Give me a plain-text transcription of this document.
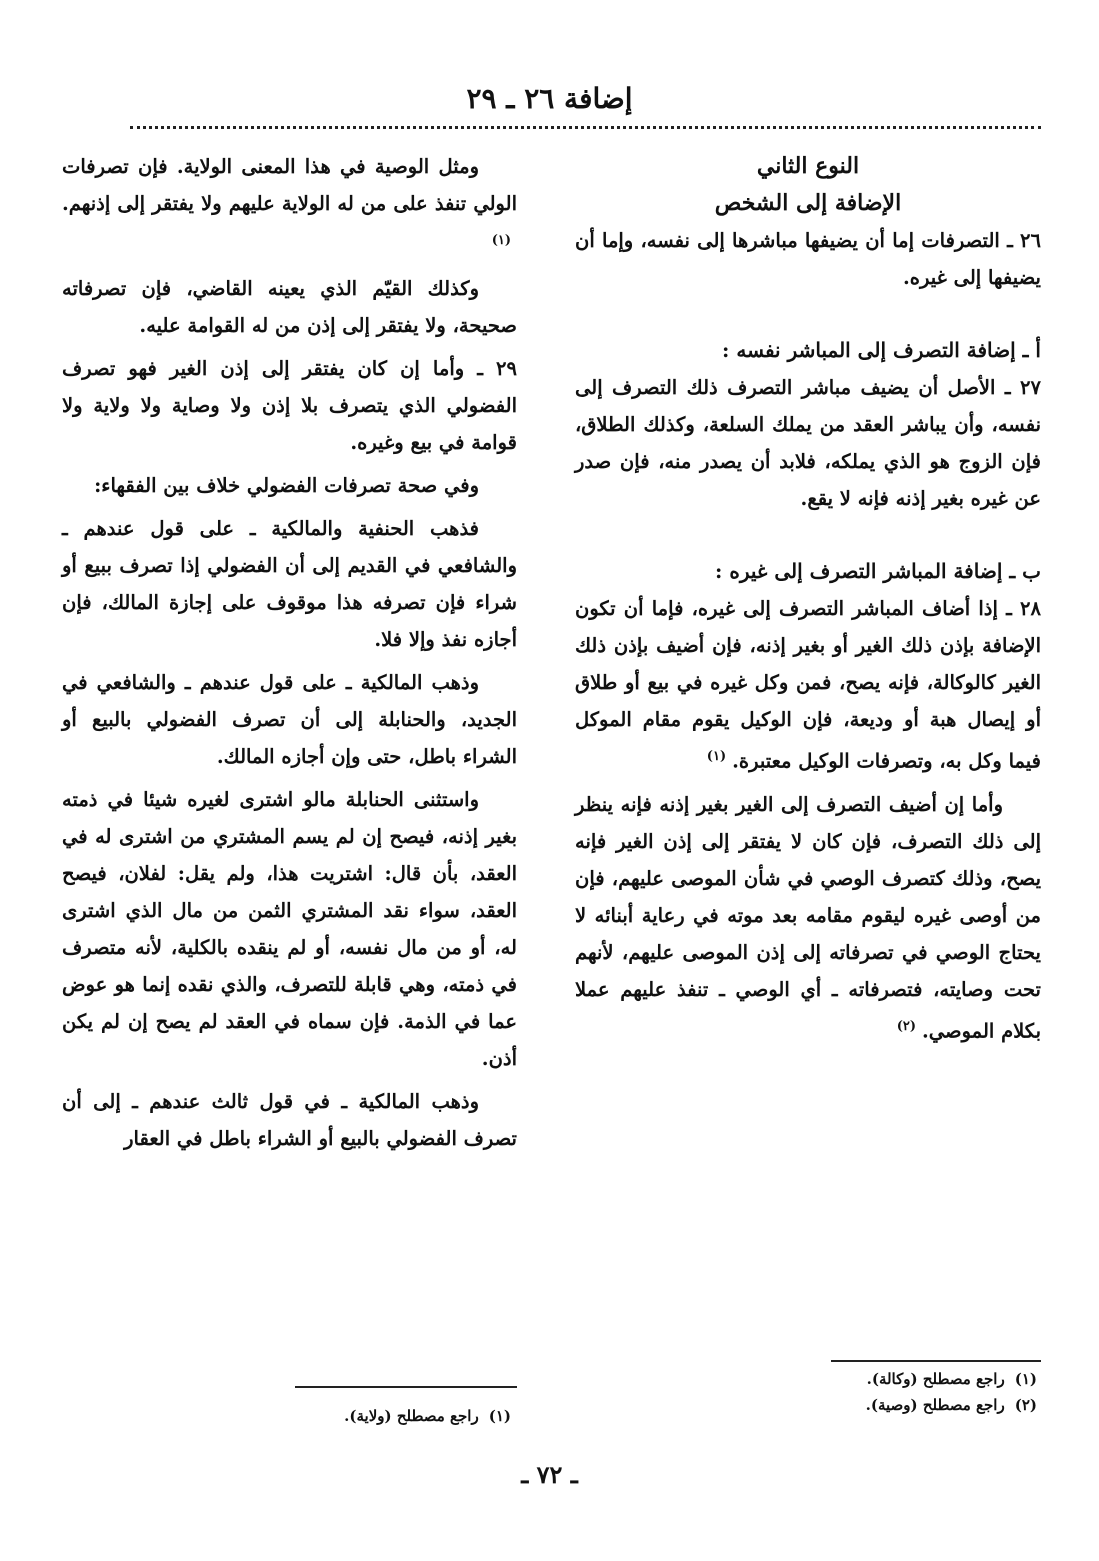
إضافة ٢٦ ـ ٢٩

النوع الثاني

الإضافة إلى الشخص

٢٦ ـ التصرفات إما أن يضيفها مباشرها إلى نفسه، وإما أن يضيفها إلى غيره.

أ ـ إضافة التصرف إلى المباشر نفسه :

٢٧ ـ الأصل أن يضيف مباشر التصرف ذلك التصرف إلى نفسه، وأن يباشر العقد من يملك السلعة، وكذلك الطلاق، فإن الزوج هو الذي يملكه، فلابد أن يصدر منه، فإن صدر عن غيره بغير إذنه فإنه لا يقع.

ب ـ إضافة المباشر التصرف إلى غيره :

٢٨ ـ إذا أضاف المباشر التصرف إلى غيره، فإما أن تكون الإضافة بإذن ذلك الغير أو بغير إذنه، فإن أضيف بإذن ذلك الغير كالوكالة، فإنه يصح، فمن وكل غيره في بيع أو طلاق أو إيصال هبة أو وديعة، فإن الوكيل يقوم مقام الموكل فيما وكل به، وتصرفات الوكيل معتبرة.$^{(١)}$

وأما إن أضيف التصرف إلى الغير بغير إذنه فإنه ينظر إلى ذلك التصرف، فإن كان لا يفتقر إلى إذن الغير فإنه يصح، وذلك كتصرف الوصي في شأن الموصى عليهم، فإن من أوصى غيره ليقوم مقامه بعد موته في رعاية أبنائه لا يحتاج الوصي في تصرفاته إلى إذن الموصى عليهم، لأنهم تحت وصايته، فتصرفاته ـ أي الوصي ـ تنفذ عليهم عملا بكلام الموصي.$^{(٢)}$

(١)راجع مصطلح (وكالة).
(٢)راجع مصطلح (وصية).

ومثل الوصية في هذا المعنى الولاية. فإن تصرفات الولي تنفذ على من له الولاية عليهم ولا يفتقر إلى إذنهم.$^{(١)}$

وكذلك القيّم الذي يعينه القاضي، فإن تصرفاته صحيحة، ولا يفتقر إلى إذن من له القوامة عليه.

٢٩ ـ وأما إن كان يفتقر إلى إذن الغير فهو تصرف الفضولي الذي يتصرف بلا إذن ولا وصاية ولا ولاية ولا قوامة في بيع وغيره.

وفي صحة تصرفات الفضولي خلاف بين الفقهاء:

فذهب الحنفية والمالكية ـ على قول عندهم ـ والشافعي في القديم إلى أن الفضولي إذا تصرف ببيع أو شراء فإن تصرفه هذا موقوف على إجازة المالك، فإن أجازه نفذ وإلا فلا.

وذهب المالكية ـ على قول عندهم ـ والشافعي في الجديد، والحنابلة إلى أن تصرف الفضولي بالبيع أو الشراء باطل، حتى وإن أجازه المالك.

واستثنى الحنابلة مالو اشترى لغيره شيئا في ذمته بغير إذنه، فيصح إن لم يسم المشتري من اشترى له في العقد، بأن قال: اشتريت هذا، ولم يقل: لفلان، فيصح العقد، سواء نقد المشتري الثمن من مال الذي اشترى له، أو من مال نفسه، أو لم ينقده بالكلية، لأنه متصرف في ذمته، وهي قابلة للتصرف، والذي نقده إنما هو عوض عما في الذمة. فإن سماه في العقد لم يصح إن لم يكن أذن.

وذهب المالكية ـ في قول ثالث عندهم ـ إلى أن تصرف الفضولي بالبيع أو الشراء باطل في العقار

(١)راجع مصطلح (ولاية).
ـ ٧٢ ـ
